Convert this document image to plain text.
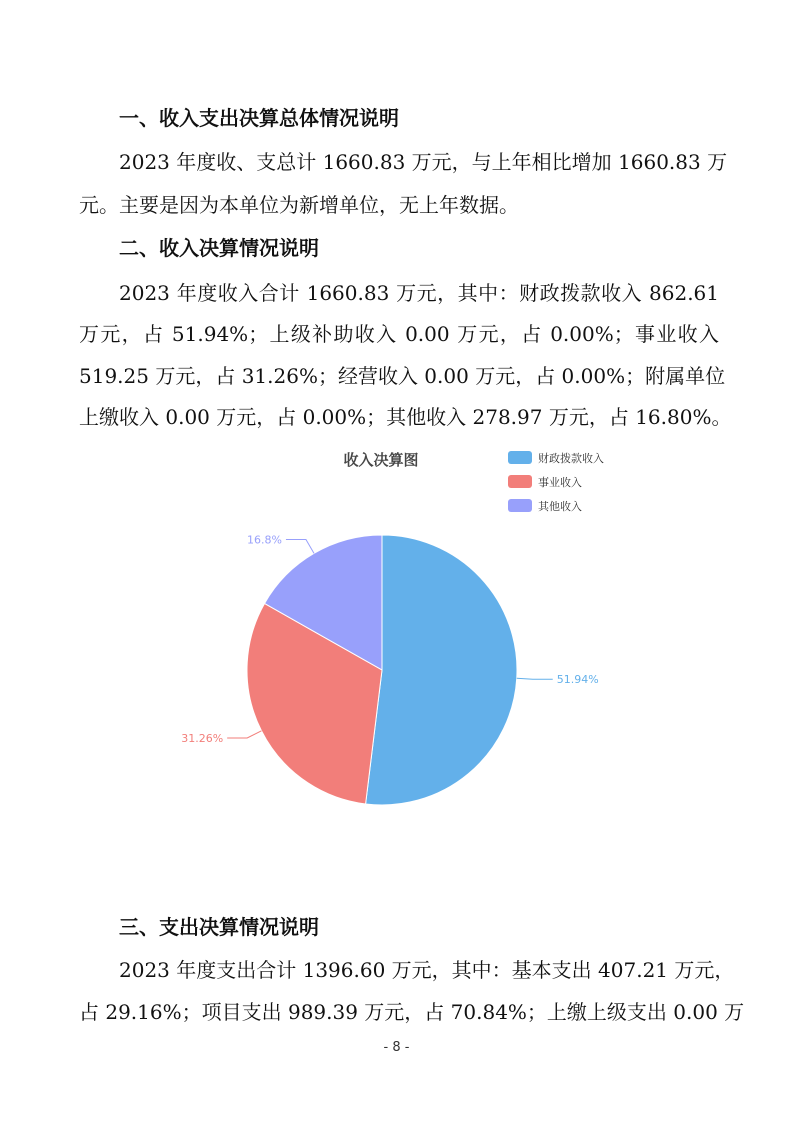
一、收入支出决算总体情况说明
2023 年度收、支总计 1660.83 万元，与上年相比增加 1660.83 万
元。主要是因为本单位为新增单位，无上年数据。
二、收入决算情况说明
2023 年度收入合计 1660.83 万元，其中：财政拨款收入 862.61
万元，占 51.94%；上级补助收入 0.00 万元，占 0.00%；事业收入
519.25 万元，占 31.26%；经营收入 0.00 万元，占 0.00%；附属单位
上缴收入 0.00 万元，占 0.00%；其他收入 278.97 万元，占 16.80%。
收入决算图
51.94%
31.26%
16.8%
财政拨款收入
事业收入
其他收入
三、支出决算情况说明
2023 年度支出合计 1396.60 万元，其中：基本支出 407.21 万元，
占 29.16%；项目支出 989.39 万元，占 70.84%；上缴上级支出 0.00 万
- 8 -
